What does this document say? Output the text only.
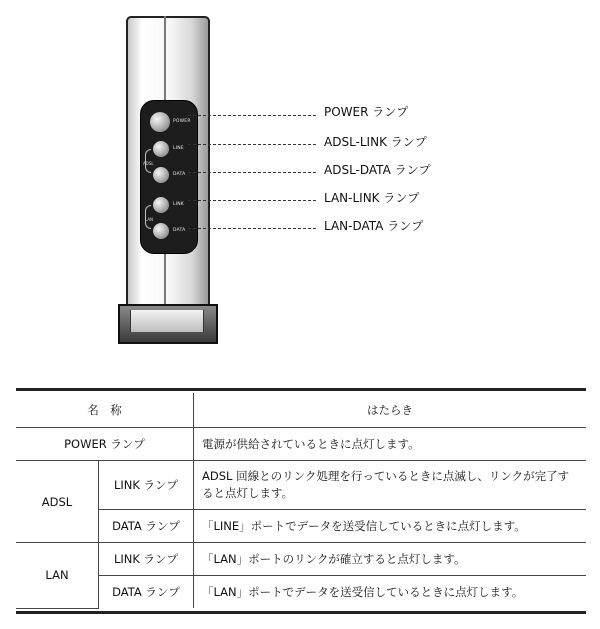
POWER
LINE
ADSL
DATA
LINK
LAN
DATA
POWER ランプ
ADSL-LINK ランプ
ADSL-DATA ランプ
LAN-LINK ランプ
LAN-DATA ランプ
名　称		はたらき
POWER ランプ		電源が供給されているときに点灯します。
ADSL	LINK ランプ	ADSL 回線とのリンク処理を行っているときに点滅し、リンクが完了すると点灯します。
	DATA ランプ	「LINE」ポートでデータを送受信しているときに点灯します。
LAN	LINK ランプ	「LAN」ポートのリンクが確立すると点灯します。
	DATA ランプ	「LAN」ポートでデータを送受信しているときに点灯します。
